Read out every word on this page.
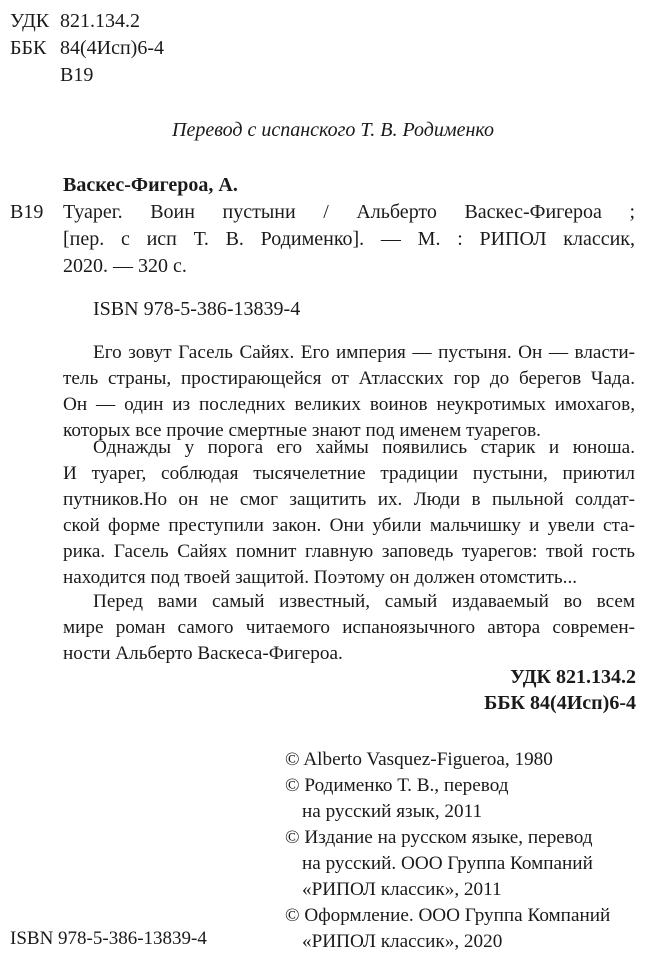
УДК 821.134.2
ББК 84(4Исп)6-4
В19
Перевод с испанского Т. В. Родименко
Васкес-Фигероа, А.
В19 Туарег. Воин пустыни / Альберто Васкес-Фигероа ;
[пер. с исп Т. В. Родименко]. — М. : РИПОЛ классик,
2020. — 320 с.
ISBN 978-5-386-13839-4
Его зовут Гасель Сайях. Его империя — пустыня. Он — власти-
тель страны, простирающейся от Атласских гор до берегов Чада.
Он — один из последних великих воинов неукротимых имохагов,
которых все прочие смертные знают под именем туарегов.
Однажды у порога его хаймы появились старик и юноша.
И туарег, соблюдая тысячелетние традиции пустыни, приютил
путников.Но он не смог защитить их. Люди в пыльной солдат-
ской форме преступили закон. Они убили мальчишку и увели ста-
рика. Гасель Сайях помнит главную заповедь туарегов: твой гость
находится под твоей защитой. Поэтому он должен отомстить...
Перед вами самый известный, самый издаваемый во всем
мире роман самого читаемого испаноязычного автора современ-
ности Альберто Васкеса-Фигероа.
УДК 821.134.2
ББК 84(4Исп)6-4
© Alberto Vasquez-Figueroa, 1980
© Родименко Т. В., перевод
на русский язык, 2011
© Издание на русском языке, перевод
на русский. ООО Группа Компаний
«РИПОЛ классик», 2011
© Оформление. ООО Группа Компаний
«РИПОЛ классик», 2020
ISBN 978-5-386-13839-4
